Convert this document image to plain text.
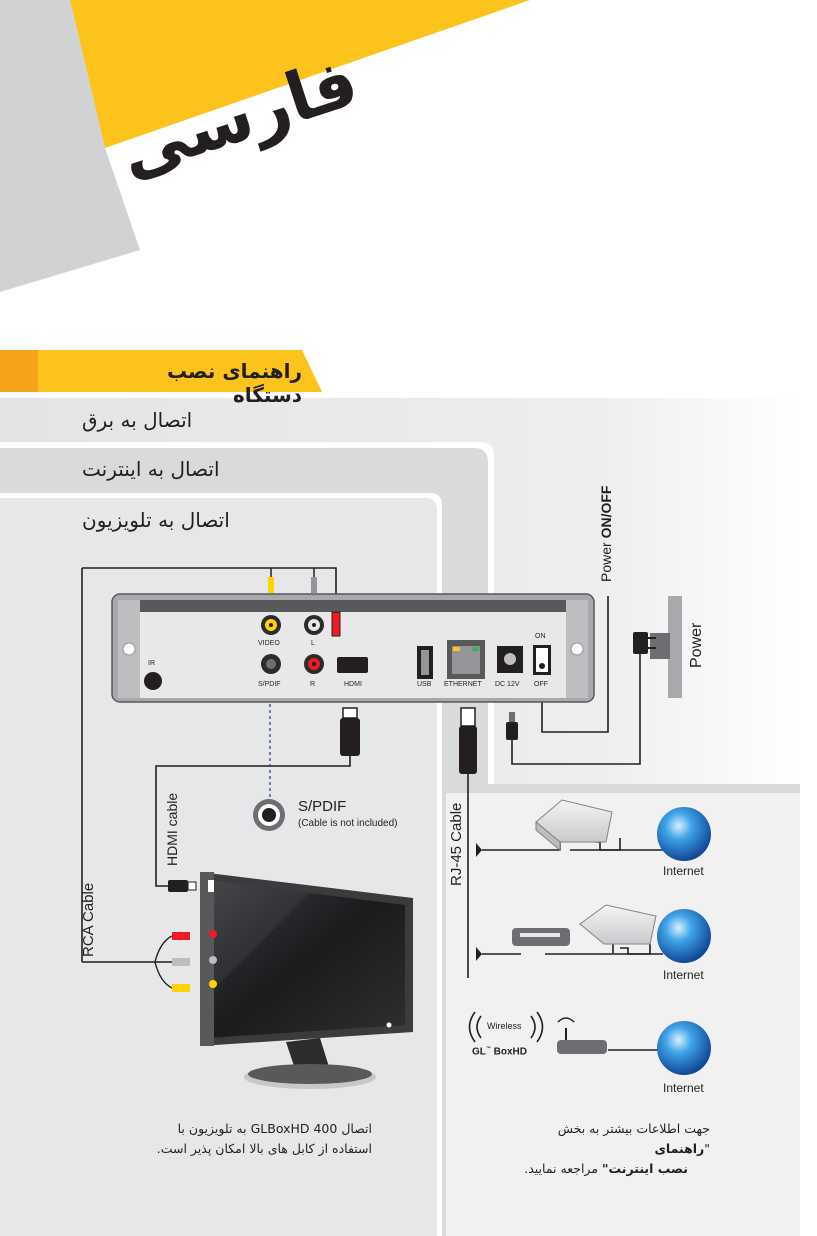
فارسی
راهنمای نصب دستگاه
اتصال به برق
اتصال به اینترنت
اتصال به تلویزیون
VIDEO	L
S/PDIF	R	HDMI	USB ETHERNET DC 12V
ON
OFF
IR
Power ON/OFF
Power
HDMI cable
RCA Cable
RJ-45 Cable
S/PDIF
(Cable is not included)
Internet
Internet
Internet
Wireless
GL™ BoxHD
اتصال GLBoxHD 400 به تلویزیون با
استفاده از کابل های بالا امکان پذیر است.
جهت اطلاعات بیشتر به بخش "راهنمای
نصب اینترنت" مراجعه نمایید.
